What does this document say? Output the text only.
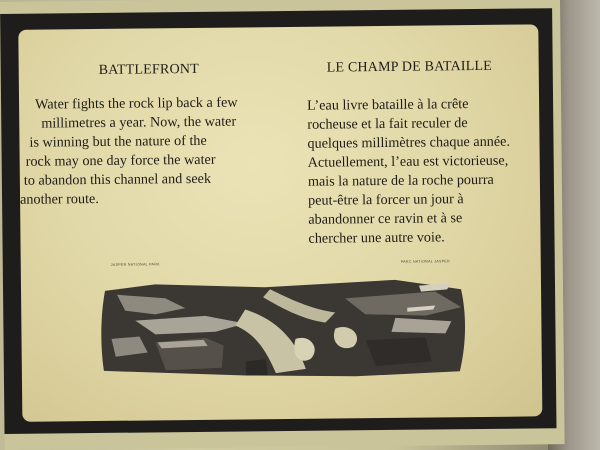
BATTLEFRONT	LE CHAMP DE BATAILLE
Water fights the rock lip back a few
millimetres a year. Now, the water
is winning but the nature of the
rock may one day force the water
to abandon this channel and seek
another route.
L’eau livre bataille à la crête
rocheuse et la fait reculer de
quelques millimètres chaque année.
Actuellement, l’eau est victorieuse,
mais la nature de la roche pourra
peut-être la forcer un jour à
abandonner ce ravin et à se
chercher une autre voie.
JASPER NATIONAL PARK
PARC NATIONAL JASPER
